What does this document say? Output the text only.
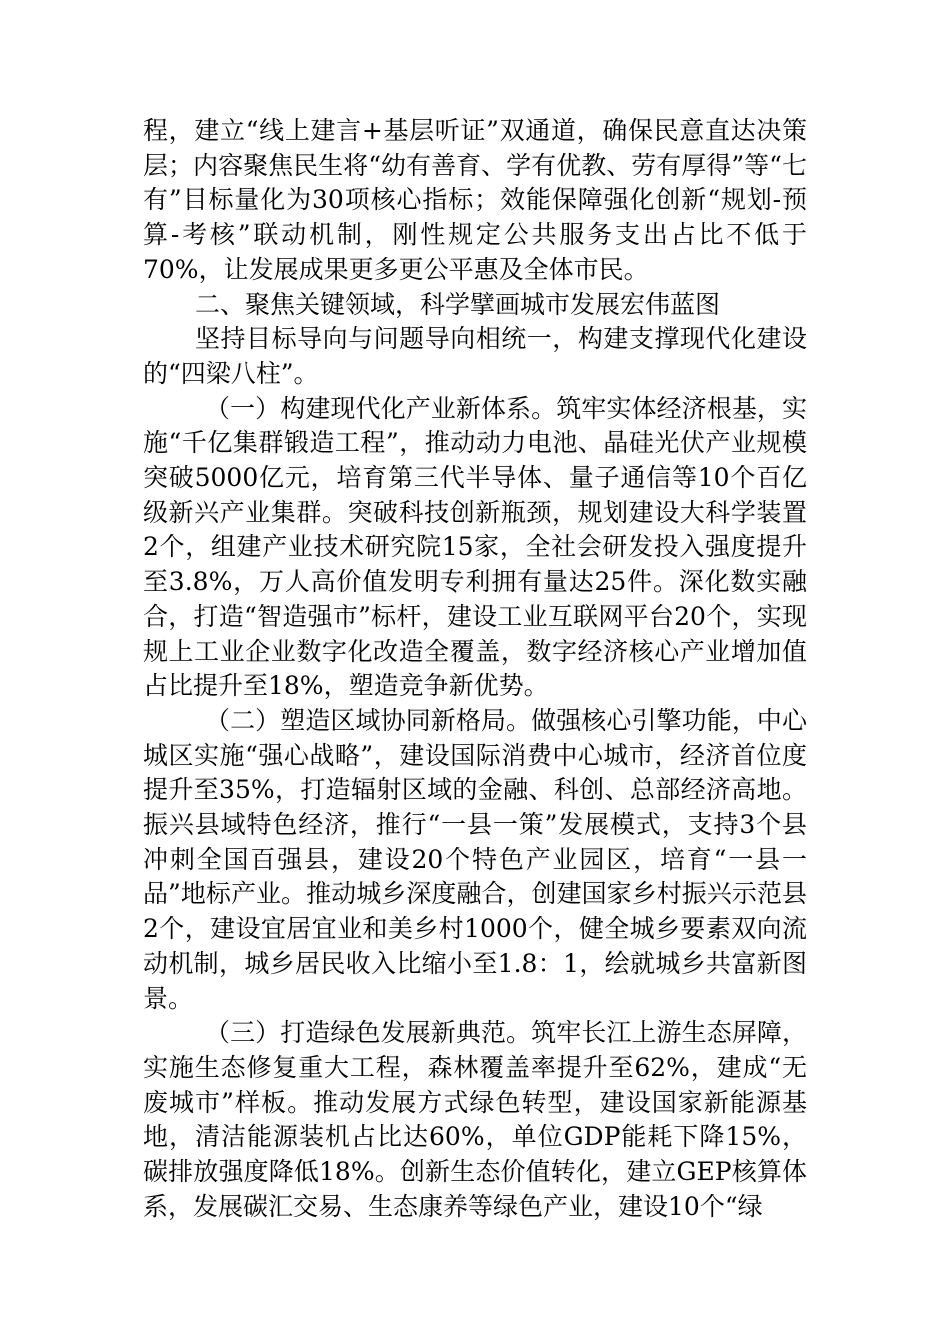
程，建立“线上建言+基层听证”双通道，确保民意直达决策层；内容聚焦民生将“幼有善育、学有优教、劳有厚得”等“七有”目标量化为30项核心指标；效能保障强化创新“规划-预算-考核”联动机制，刚性规定公共服务支出占比不低于70%，让发展成果更多更公平惠及全体市民。

二、聚焦关键领域，科学擘画城市发展宏伟蓝图

坚持目标导向与问题导向相统一，构建支撑现代化建设的“四梁八柱”。

（一）构建现代化产业新体系。筑牢实体经济根基，实施“千亿集群锻造工程”，推动动力电池、晶硅光伏产业规模突破5000亿元，培育第三代半导体、量子通信等10个百亿级新兴产业集群。突破科技创新瓶颈，规划建设大科学装置2个，组建产业技术研究院15家，全社会研发投入强度提升至3.8%，万人高价值发明专利拥有量达25件。深化数实融合，打造“智造强市”标杆，建设工业互联网平台20个，实现规上工业企业数字化改造全覆盖，数字经济核心产业增加值占比提升至18%，塑造竞争新优势。

（二）塑造区域协同新格局。做强核心引擎功能，中心城区实施“强心战略”，建设国际消费中心城市，经济首位度提升至35%，打造辐射区域的金融、科创、总部经济高地。振兴县域特色经济，推行“一县一策”发展模式，支持3个县冲刺全国百强县，建设20个特色产业园区，培育“一县一品”地标产业。推动城乡深度融合，创建国家乡村振兴示范县2个，建设宜居宜业和美乡村1000个，健全城乡要素双向流动机制，城乡居民收入比缩小至1.8：1，绘就城乡共富新图景。

（三）打造绿色发展新典范。筑牢长江上游生态屏障，实施生态修复重大工程，森林覆盖率提升至62%，建成“无废城市”样板。推动发展方式绿色转型，建设国家新能源基地，清洁能源装机占比达60%，单位GDP能耗下降15%，碳排放强度降低18%。创新生态价值转化，建立GEP核算体系，发展碳汇交易、生态康养等绿色产业，建设10个“绿
